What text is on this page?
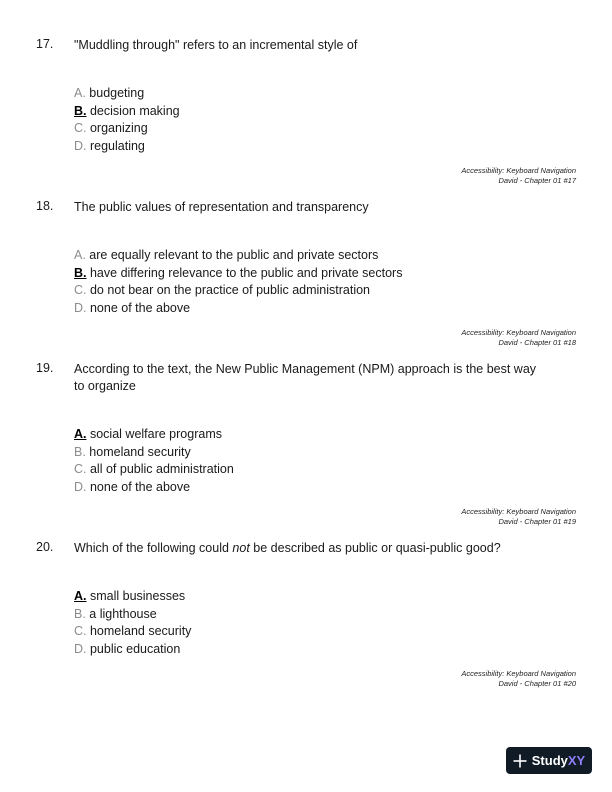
17. "Muddling through" refers to an incremental style of
A. budgeting
B. decision making
C. organizing
D. regulating
Accessibility: Keyboard Navigation
David - Chapter 01 #17
18. The public values of representation and transparency
A. are equally relevant to the public and private sectors
B. have differing relevance to the public and private sectors
C. do not bear on the practice of public administration
D. none of the above
Accessibility: Keyboard Navigation
David - Chapter 01 #18
19. According to the text, the New Public Management (NPM) approach is the best way to organize
A. social welfare programs
B. homeland security
C. all of public administration
D. none of the above
Accessibility: Keyboard Navigation
David - Chapter 01 #19
20. Which of the following could not be described as public or quasi-public good?
A. small businesses
B. a lighthouse
C. homeland security
D. public education
Accessibility: Keyboard Navigation
David - Chapter 01 #20
StudyXY
